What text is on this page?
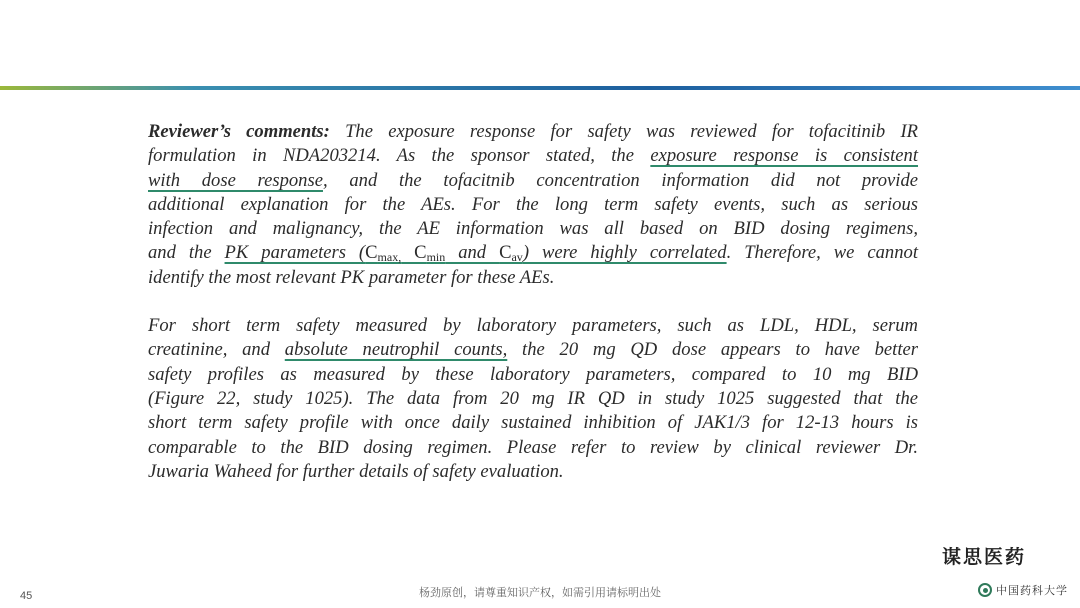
Reviewer’s comments: The exposure response for safety was reviewed for tofacitinib IR
formulation in NDA203214. As the sponsor stated, the exposure response is consistent
with dose response, and the tofacitnib concentration information did not provide
additional explanation for the AEs. For the long term safety events, such as serious
infection and malignancy, the AE information was all based on BID dosing regimens,
and the PK parameters ($C_{max,}$ $C_{min}$ and $C_{av}$) were highly correlated. Therefore, we cannot
identify the most relevant PK parameter for these AEs.
For short term safety measured by laboratory parameters, such as LDL, HDL, serum
creatinine, and absolute neutrophil counts, the 20 mg QD dose appears to have better
safety profiles as measured by these laboratory parameters, compared to 10 mg BID
(Figure 22, study 1025). The data from 20 mg IR QD in study 1025 suggested that the
short term safety profile with once daily sustained inhibition of JAK1/3 for 12-13 hours is
comparable to the BID dosing regimen. Please refer to review by clinical reviewer Dr.
Juwaria Waheed for further details of safety evaluation.
谋思医药
45	杨劲原创，请尊重知识产权，如需引用请标明出处	中国药科大学
